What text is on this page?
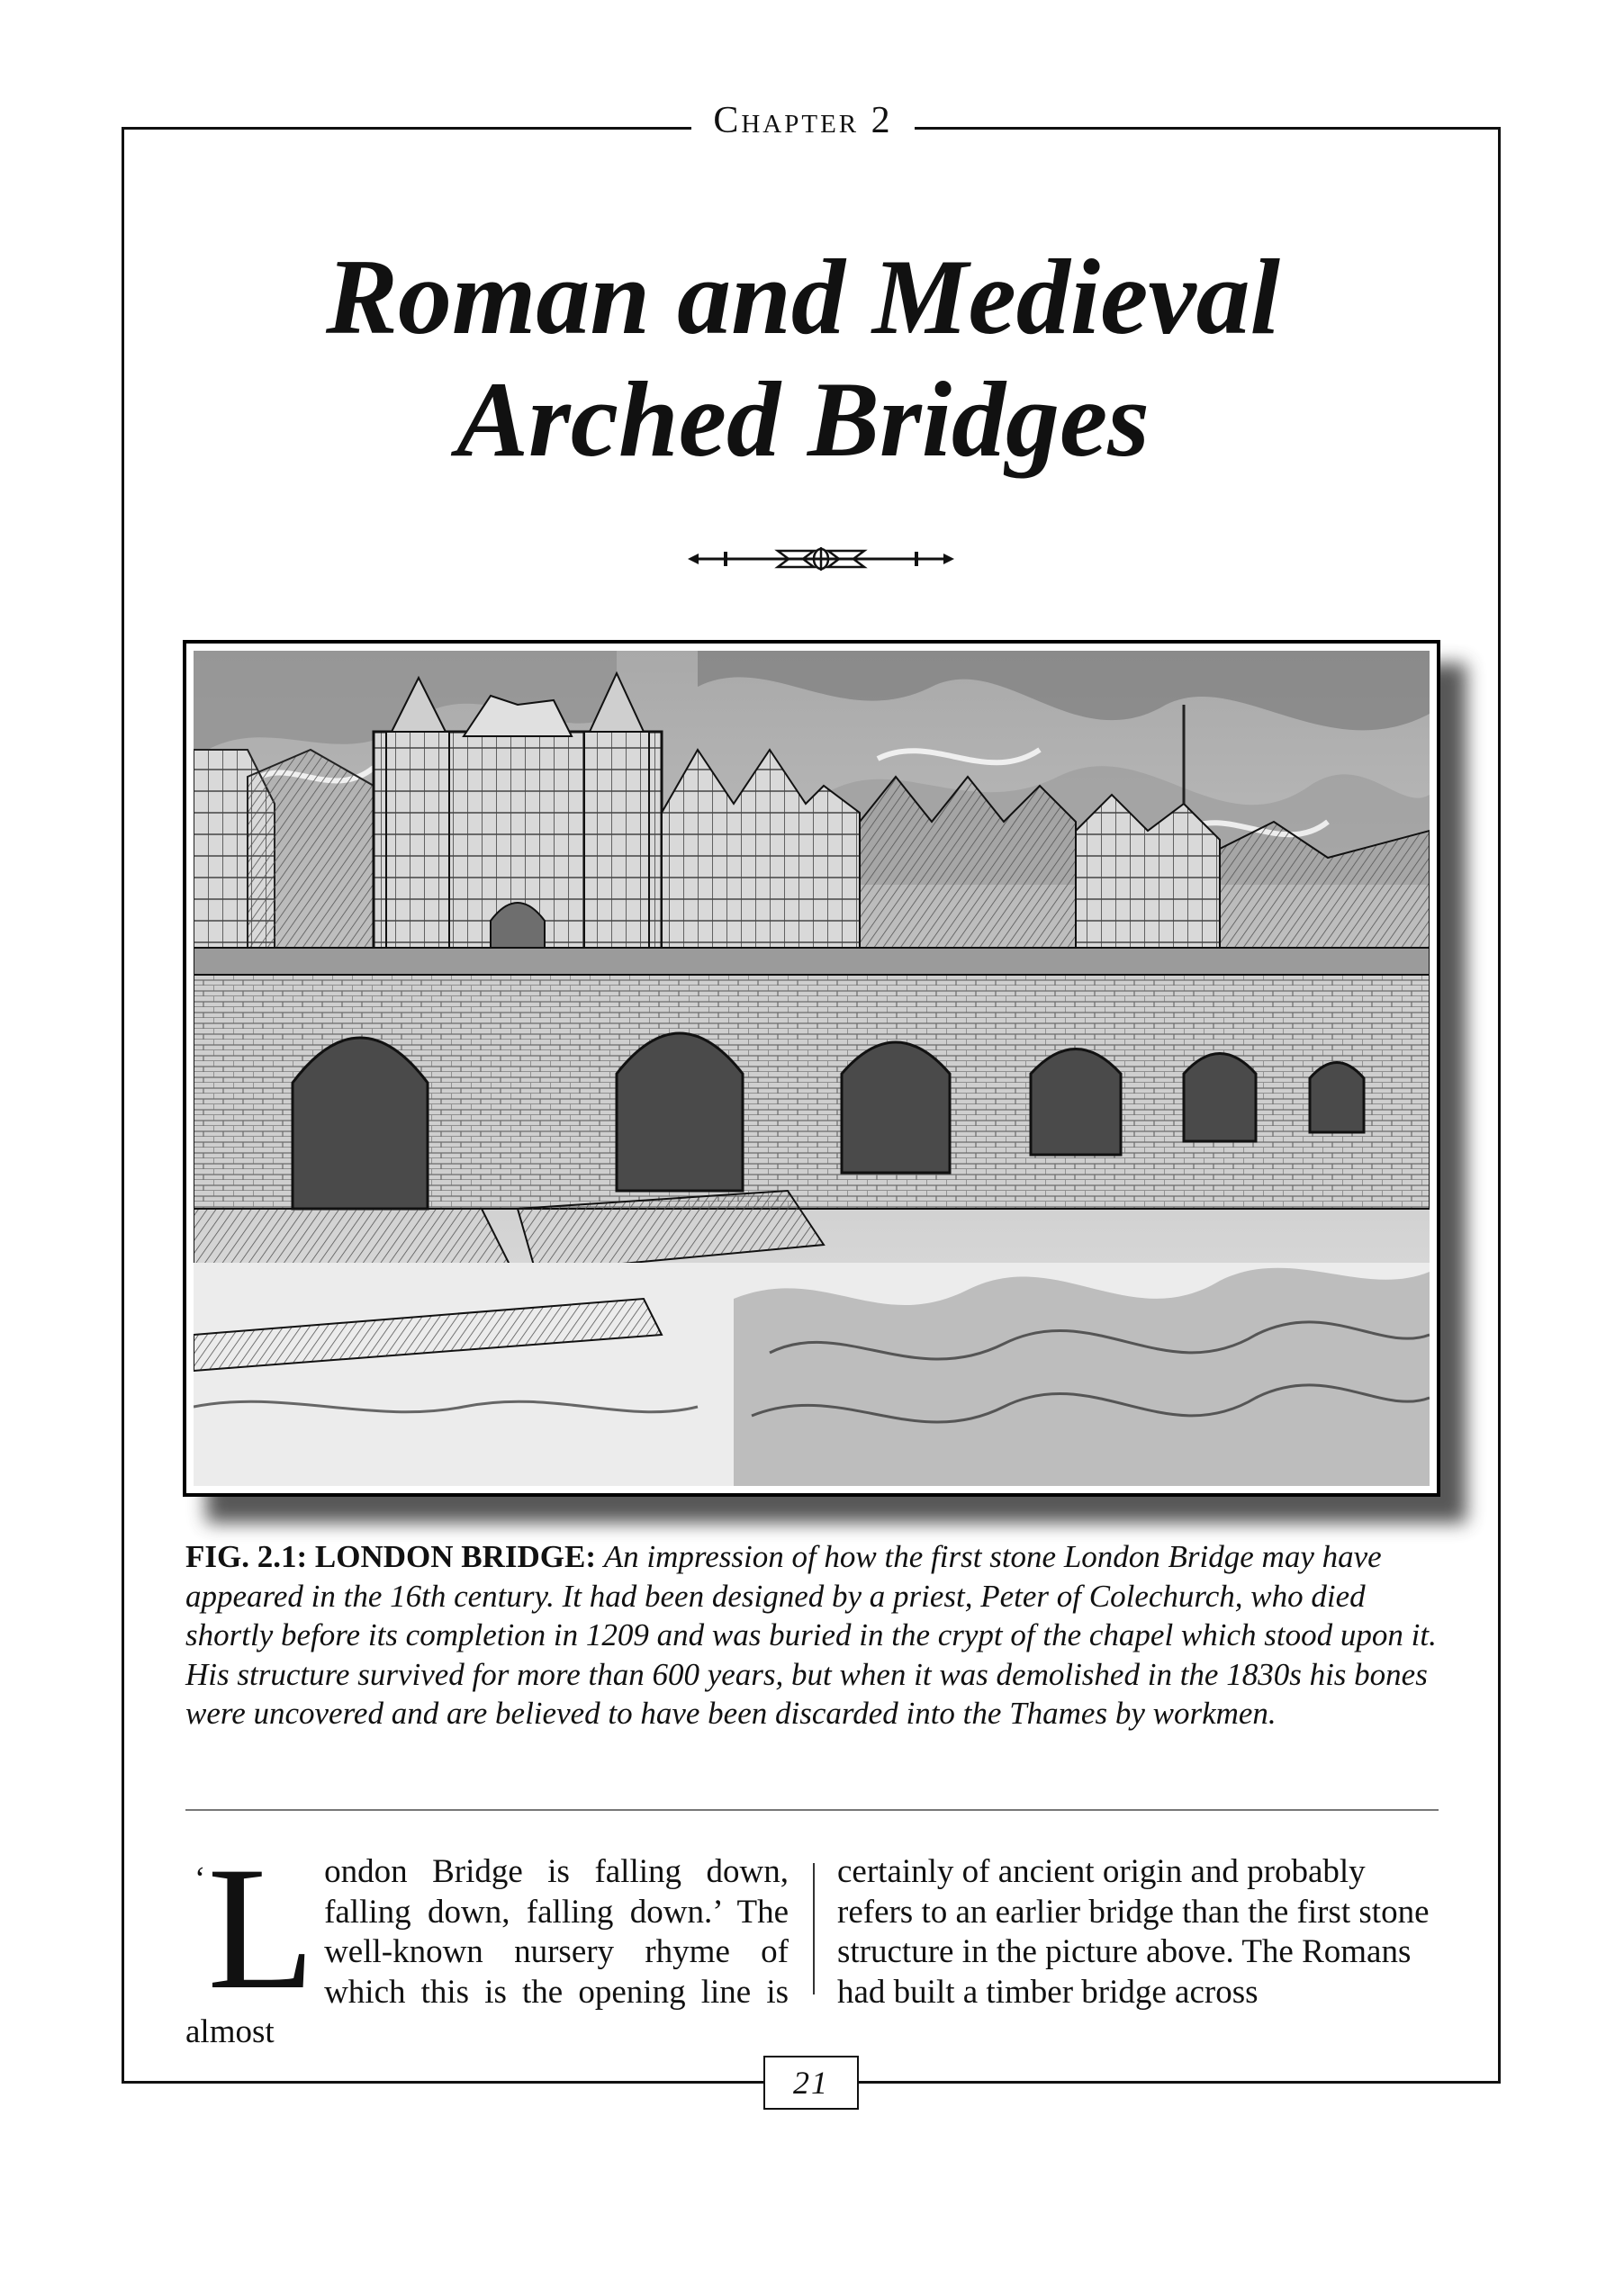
Chapter 2
Roman and Medieval
Arched Bridges
FIG. 2.1: LONDON BRIDGE: An impression of how the first stone London Bridge may have appeared in the 16th century. It had been designed by a priest, Peter of Colechurch, who died shortly before its completion in 1209 and was buried in the crypt of the chapel which stood upon it. His structure survived for more than 600 years, but when it was demolished in the 1830s his bones were uncovered and are believed to have been discarded into the Thames by workmen.
‘L ondon Bridge is falling down, falling down, falling down.’ The well-known nursery rhyme of which this is the opening line is almost
certainly of ancient origin and probably refers to an earlier bridge than the first stone structure in the picture above. The Romans had built a timber bridge across
21
